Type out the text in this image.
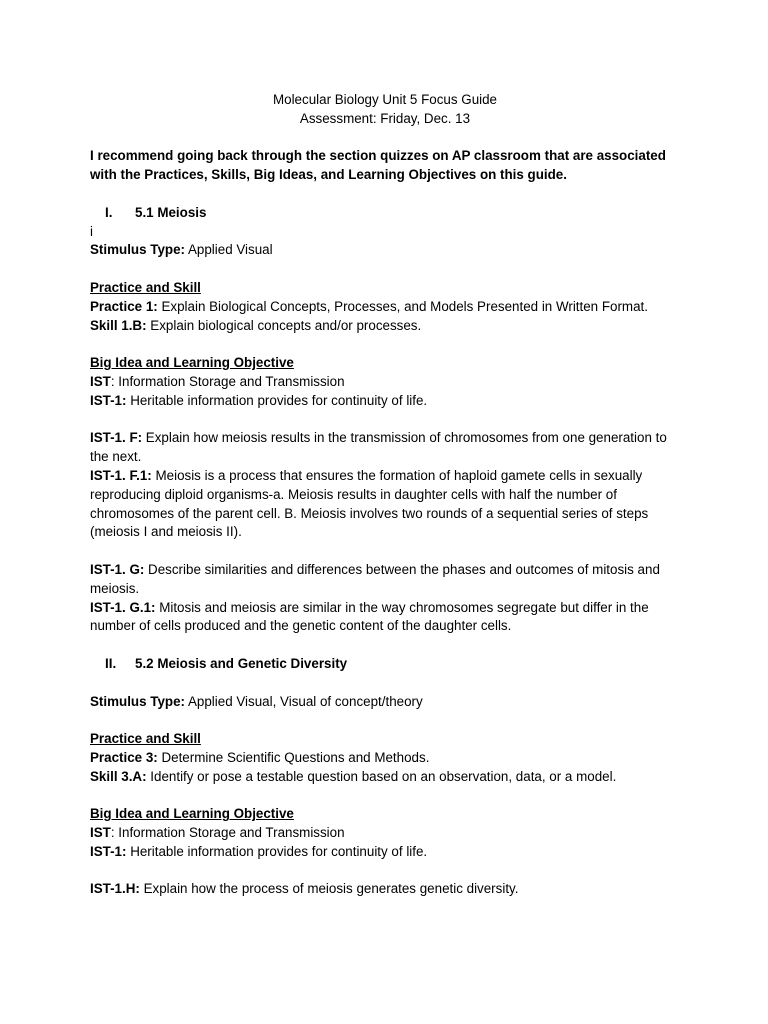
Molecular Biology Unit 5 Focus Guide

Assessment: Friday, Dec. 13

I recommend going back through the section quizzes on AP classroom that are associated with the Practices, Skills, Big Ideas, and Learning Objectives on this guide.

I. 5.1 Meiosis

i

Stimulus Type: Applied Visual

Practice and Skill

Practice 1: Explain Biological Concepts, Processes, and Models Presented in Written Format.

Skill 1.B: Explain biological concepts and/or processes.

Big Idea and Learning Objective

IST: Information Storage and Transmission

IST-1: Heritable information provides for continuity of life.

IST-1. F: Explain how meiosis results in the transmission of chromosomes from one generation to the next.

IST-1. F.1: Meiosis is a process that ensures the formation of haploid gamete cells in sexually reproducing diploid organisms-a. Meiosis results in daughter cells with half the number of chromosomes of the parent cell. B. Meiosis involves two rounds of a sequential series of steps (meiosis I and meiosis II).

IST-1. G: Describe similarities and differences between the phases and outcomes of mitosis and meiosis.

IST-1. G.1: Mitosis and meiosis are similar in the way chromosomes segregate but differ in the number of cells produced and the genetic content of the daughter cells.

II. 5.2 Meiosis and Genetic Diversity

Stimulus Type: Applied Visual, Visual of concept/theory

Practice and Skill

Practice 3: Determine Scientific Questions and Methods.

Skill 3.A: Identify or pose a testable question based on an observation, data, or a model.

Big Idea and Learning Objective

IST: Information Storage and Transmission

IST-1: Heritable information provides for continuity of life.

IST-1.H: Explain how the process of meiosis generates genetic diversity.
